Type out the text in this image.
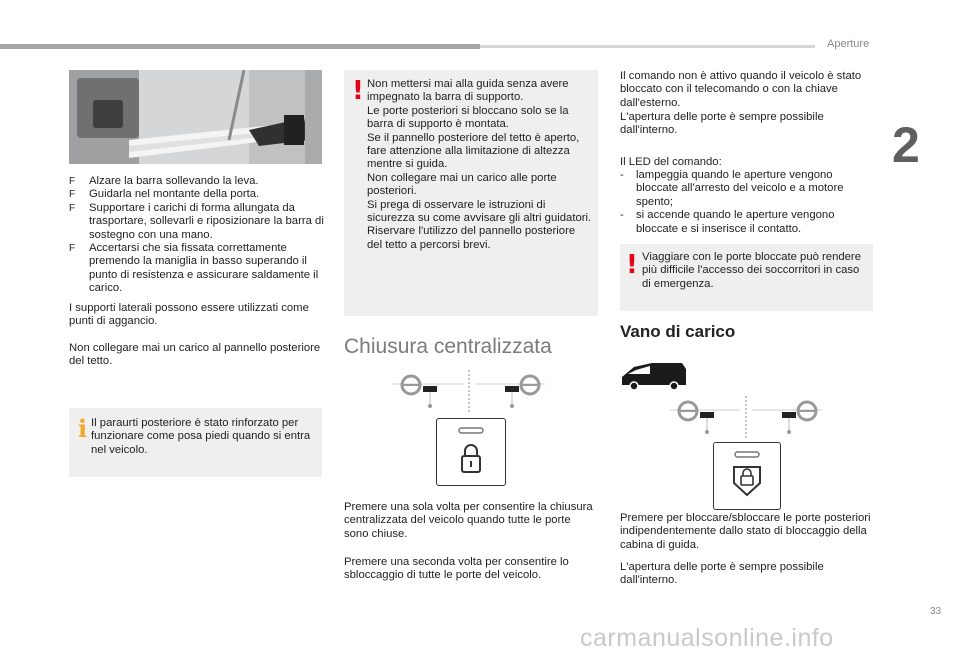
Aperture
2
F Alzare la barra sollevando la leva.
F Guidarla nel montante della porta.
F Supportare i carichi di forma allungata da trasportare, sollevarli e riposizionare la barra di sostegno con una mano.
F Accertarsi che sia fissata correttamente premendo la maniglia in basso superando il punto di resistenza e assicurare saldamente il carico.
I supporti laterali possono essere utilizzati come punti di aggancio.
Non collegare mai un carico al pannello posteriore del tetto.
i Il paraurti posteriore è stato rinforzato per funzionare come posa piedi quando si entra nel veicolo.
! Non mettersi mai alla guida senza avere impegnato la barra di supporto.
Le porte posteriori si bloccano solo se la barra di supporto è montata.
Se il pannello posteriore del tetto è aperto, fare attenzione alla limitazione di altezza mentre si guida.
Non collegare mai un carico alle porte posteriori.
Si prega di osservare le istruzioni di sicurezza su come avvisare gli altri guidatori.
Riservare l'utilizzo del pannello posteriore del tetto a percorsi brevi.
Chiusura centralizzata
Premere una sola volta per consentire la chiusura centralizzata del veicolo quando tutte le porte sono chiuse.
Premere una seconda volta per consentire lo sbloccaggio di tutte le porte del veicolo.
Il comando non è attivo quando il veicolo è stato bloccato con il telecomando o con la chiave dall'esterno.
L'apertura delle porte è sempre possibile dall'interno.
Il LED del comando:
- lampeggia quando le aperture vengono bloccate all'arresto del veicolo e a motore spento;
- si accende quando le aperture vengono bloccate e si inserisce il contatto.
! Viaggiare con le porte bloccate può rendere più difficile l'accesso dei soccorritori in caso di emergenza.
Vano di carico
Premere per bloccare/sbloccare le porte posteriori indipendentemente dallo stato di bloccaggio della cabina di guida.
L'apertura delle porte è sempre possibile dall'interno.
33
carmanualsonline.info
